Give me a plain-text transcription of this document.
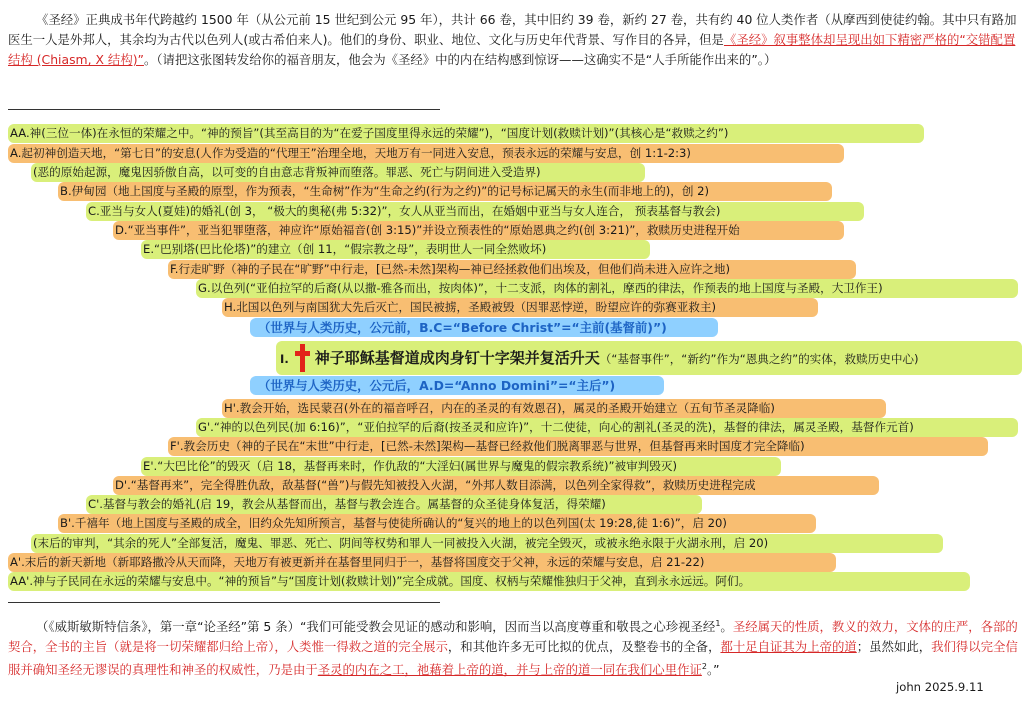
《圣经》正典成书年代跨越约 1500 年（从公元前 15 世纪到公元 95 年），共计 66 卷，其中旧约 39 卷，新约 27 卷，共有约 40 位人类作者（从摩西到使徒约翰。其中只有路加医生一人是外邦人，其余均为古代以色列人(或古希伯来人)。他们的身份、职业、地位、文化与历史年代背景、写作目的各异，但是《圣经》叙事整体却呈现出如下精密严格的“交错配置结构 (Chiasm, X 结构)”。（请把这张图转发给你的福音朋友，他会为《圣经》中的内在结构感到惊讶——这确实不是“人手所能作出来的”。）
AA.神(三位一体)在永恒的荣耀之中。“神的预旨”(其至高目的为“在爱子国度里得永远的荣耀”)，“国度计划(救赎计划)”(其核心是“救赎之约”)
A.起初神创造天地，“第七日”的安息(人作为受造的“代理王”治理全地，天地万有一同进入安息，预表永远的荣耀与安息，创 1:1-2:3)
(恶的原始起源，魔鬼因骄傲自高，以可变的自由意志背叛神而堕落。罪恶、死亡与阴间进入受造界)
B.伊甸园（地上国度与圣殿的原型，作为预表，“生命树”作为“生命之约(行为之约)”的记号标记属天的永生(而非地上的)，创 2)
C.亚当与女人(夏娃)的婚礼(创 3， “极大的奥秘(弗 5:32)”，女人从亚当而出，在婚姻中亚当与女人连合， 预表基督与教会)
D.“亚当事件”，亚当犯罪堕落，神应许“原始福音(创 3:15)”并设立预表性的“原始恩典之约(创 3:21)”，救赎历史进程开始
E.“巴别塔(巴比伦塔)”的建立（创 11，“假宗教之母”，表明世人一同全然败坏)
F.行走旷野（神的子民在“旷野”中行走，[已然-未然]架构—神已经拯救他们出埃及，但他们尚未进入应许之地)
G.以色列(“亚伯拉罕的后裔(从以撒-雅各而出，按肉体)”，十二支派，肉体的割礼，摩西的律法，作预表的地上国度与圣殿，大卫作王)
H.北国以色列与南国犹大先后灭亡，国民被掳，圣殿被毁（因罪恶悖逆，盼望应许的弥赛亚救主)
（世界与人类历史，公元前，B.C=“Before Christ”=“主前(基督前)”)
I. 神子耶稣基督道成肉身钉十字架并复活升天（“基督事件”，“新约”作为“恩典之约”的实体，救赎历史中心)
（世界与人类历史，公元后，A.D=“Anno Domini”=“主后”)
H'.教会开始，选民蒙召(外在的福音呼召，内在的圣灵的有效恩召)，属灵的圣殿开始建立（五旬节圣灵降临)
G'.“神的以色列民(加 6:16)”，“亚伯拉罕的后裔(按圣灵和应许)”，十二使徒，向心的割礼(圣灵的洗)，基督的律法，属灵圣殿，基督作元首)
F'.教会历史（神的子民在“末世”中行走，[已然-未然]架构—基督已经救他们脱离罪恶与世界，但基督再来时国度才完全降临)
E'.“大巴比伦”的毁灭（启 18，基督再来时，作仇敌的“大淫妇(属世界与魔鬼的假宗教系统)”被审判毁灭)
D'.“基督再来”，完全得胜仇敌，敌基督(“兽”)与假先知被投入火湖，“外邦人数目添满，以色列全家得救”，救赎历史进程完成
C'.基督与教会的婚礼(启 19，教会从基督而出，基督与教会连合。属基督的众圣徒身体复活，得荣耀)
B'.千禧年（地上国度与圣殿的成全，旧约众先知所预言，基督与使徒所确认的“复兴的地上的以色列国(太 19:28,徒 1:6)”，启 20)
(末后的审判，“其余的死人”全部复活，魔鬼、罪恶、死亡、阴间等权势和罪人一同被投入火湖，被完全毁灭，或被永绝永限于火湖永刑，启 20)
A'.末后的新天新地（新耶路撒冷从天而降，天地万有被更新并在基督里同归于一，基督将国度交于父神，永远的荣耀与安息，启 21-22)
AA'.神与子民同在永远的荣耀与安息中。“神的预旨”与“国度计划(救赎计划)”完全成就。国度、权柄与荣耀惟独归于父神，直到永永远远。阿们。
（《威斯敏斯特信条》，第一章“论圣经”第 5 条）“我们可能受教会见证的感动和影响，因而当以高度尊重和敬畏之心珍视圣经$^1$。圣经属天的性质，教义的效力，文体的庄严，各部的契合，全书的主旨（就是将一切荣耀都归给上帝），人类惟一得救之道的完全展示，和其他许多无可比拟的优点，及整卷书的全备，都十足自证其为上帝的道；虽然如此，我们得以完全信服并确知圣经无谬误的真理性和神圣的权威性，乃是由于圣灵的内在之工，祂藉着上帝的道，并与上帝的道一同在我们心里作证$^2$。”
john 2025.9.11
